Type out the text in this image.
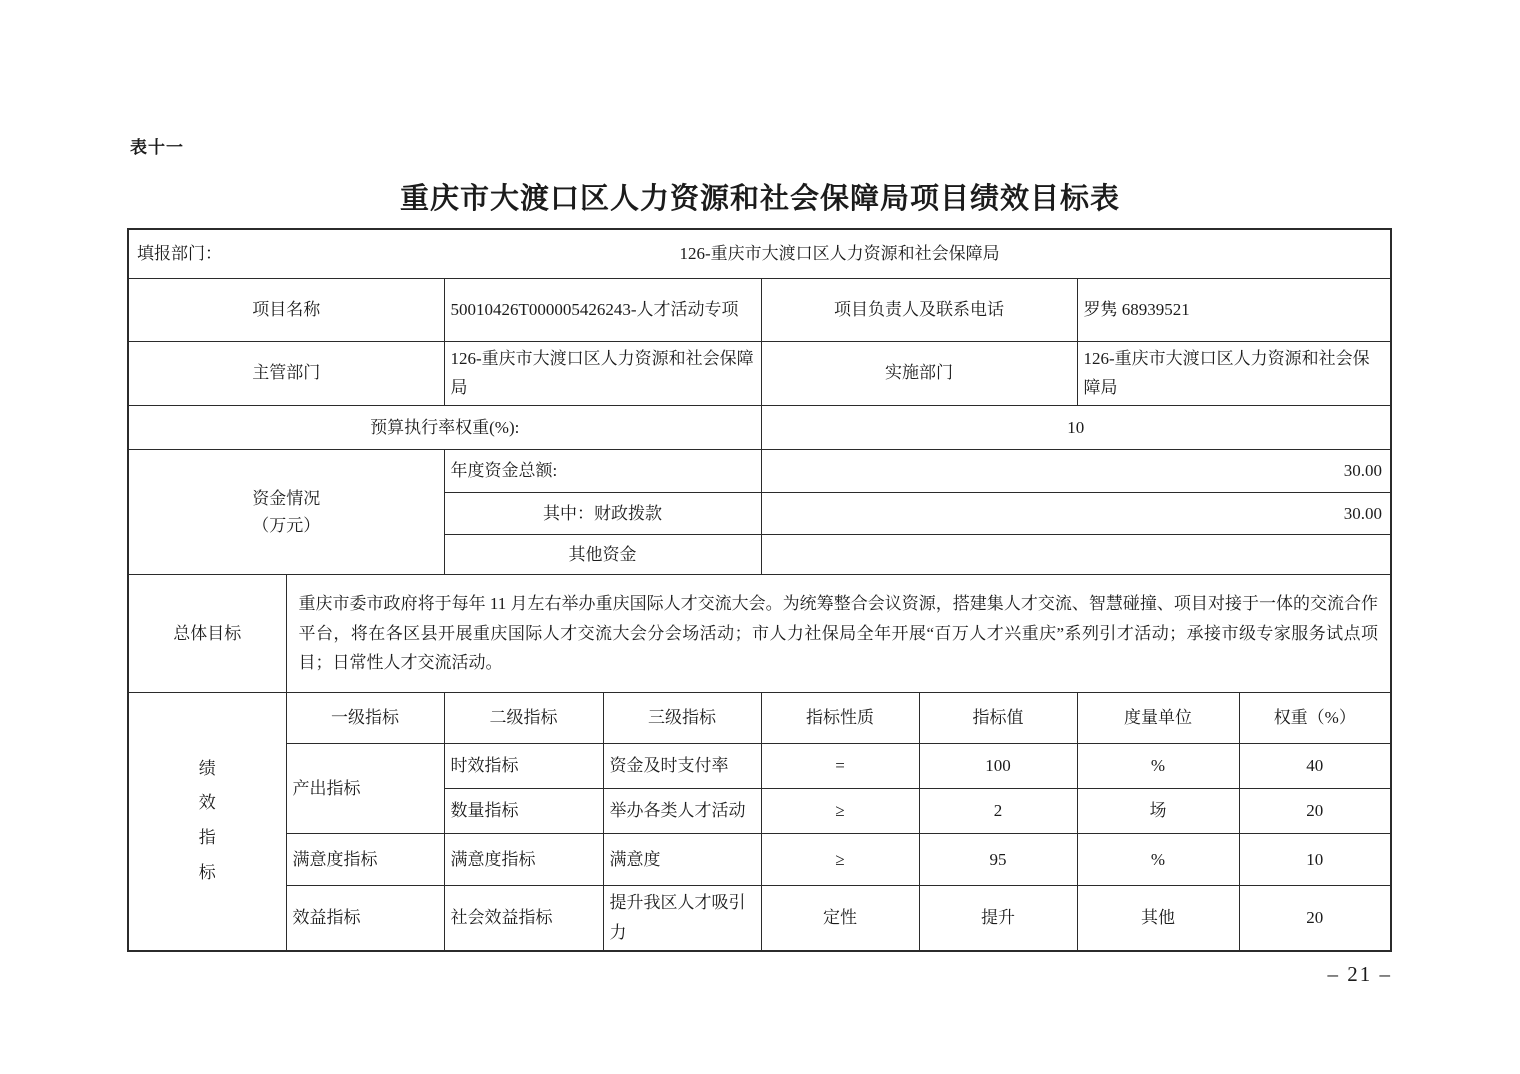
表十一
重庆市大渡口区人力资源和社会保障局项目绩效目标表
填报部门： 126-重庆市大渡口区人力资源和社会保障局							

项目名称		50010426T000005426243-人才活动专项		项目负责人及联系电话		罗隽 68939521	
主管部门		126-重庆市大渡口区人力资源和社会保障局		实施部门		126-重庆市大渡口区人力资源和社会保障局	
预算执行率权重(%):				10			

资金情况
（万元）		年度资金总额:		30.00			
		其中：财政拨款		30.00			
		其他资金					
总体目标	重庆市委市政府将于每年 11 月左右举办重庆国际人才交流大会。为统筹整合会议资源，搭建集人才交流、智慧碰撞、项目对接于一体的交流合作平台，将在各区县开展重庆国际人才交流大会分会场活动；市人力社保局全年开展“百万人才兴重庆”系列引才活动；承接市级专家服务试点项目；日常性人才交流活动。						

绩效指标	一级指标	二级指标	三级指标	指标性质	指标值	度量单位	权重（%）
	产出指标	时效指标	资金及时支付率	=	100	%	40
		数量指标	举办各类人才活动	≥	2	场	20
	满意度指标	满意度指标	满意度	≥	95	%	10
	效益指标	社会效益指标	提升我区人才吸引力	定性	提升	其他	20
– 21 –
